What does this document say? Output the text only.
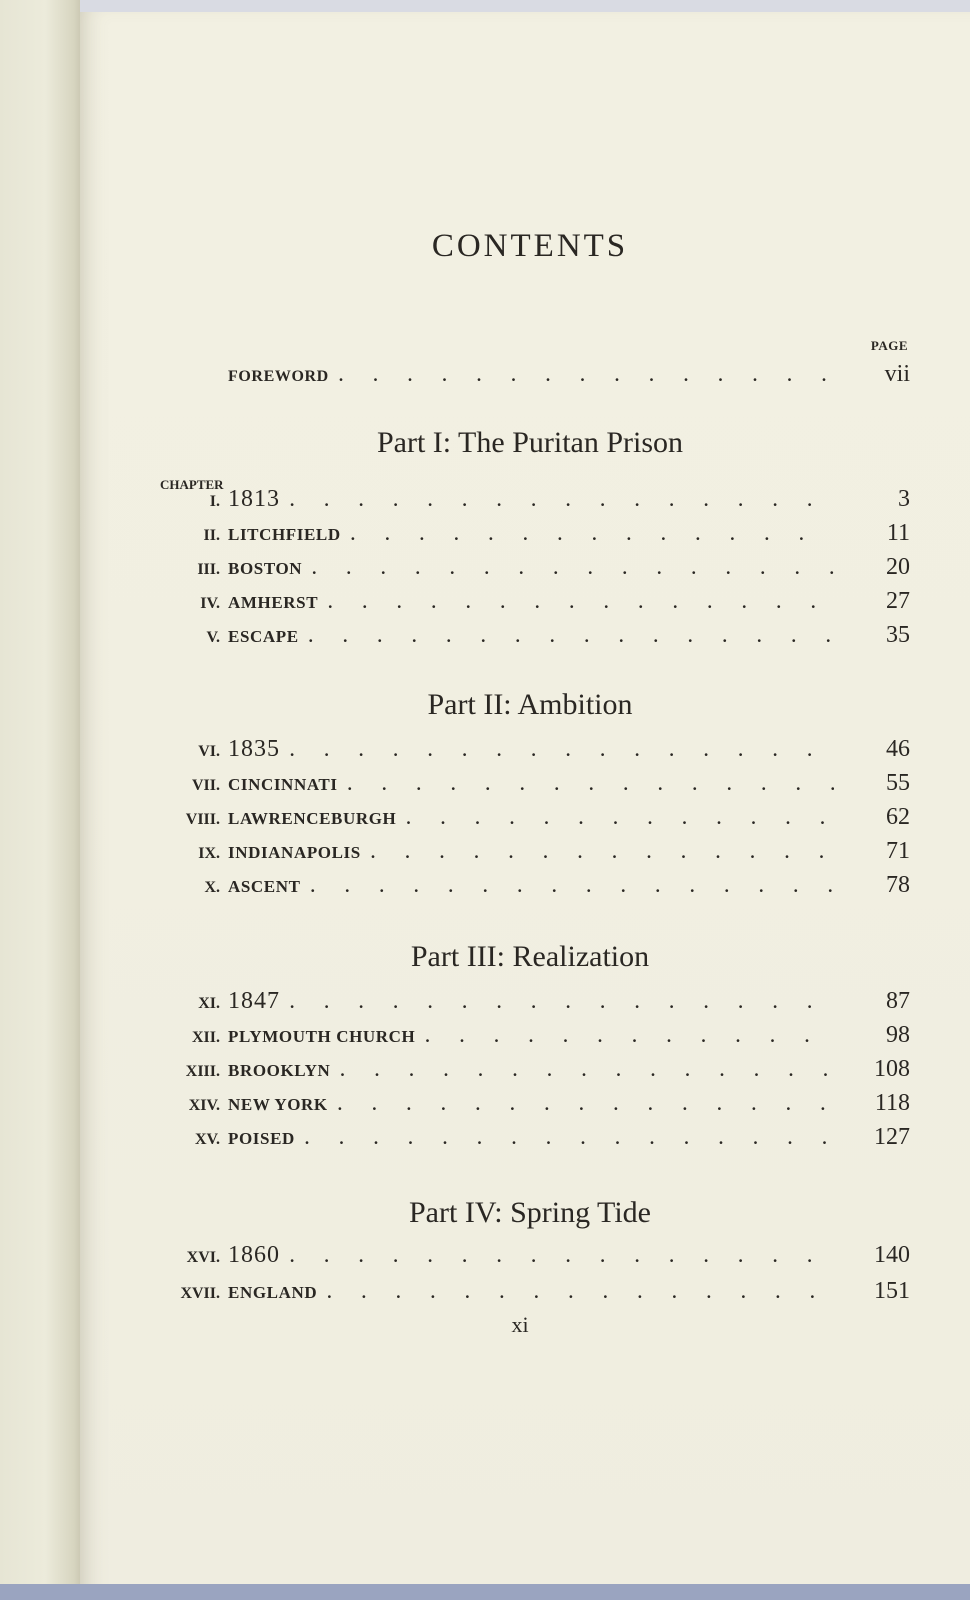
CONTENTS
PAGE
FOREWORD . . .	vii
Part I: The Puritan Prison
CHAPTER
I. 1813 . . .	3
II. LITCHFIELD . . .	11
III. BOSTON . . .	20
IV. AMHERST . . .	27
V. ESCAPE . . .	35
Part II: Ambition
VI. 1835 . . .	46
VII. CINCINNATI . . .	55
VIII. LAWRENCEBURGH . . .	62
IX. INDIANAPOLIS . . .	71
X. ASCENT . . .	78
Part III: Realization
XI. 1847 . . .	87
XII. PLYMOUTH CHURCH . . .	98
XIII. BROOKLYN . . .	108
XIV. NEW YORK . . .	118
XV. POISED . . .	127
Part IV: Spring Tide
XVI. 1860 . . .	140
XVII. ENGLAND . . .	151
xi
